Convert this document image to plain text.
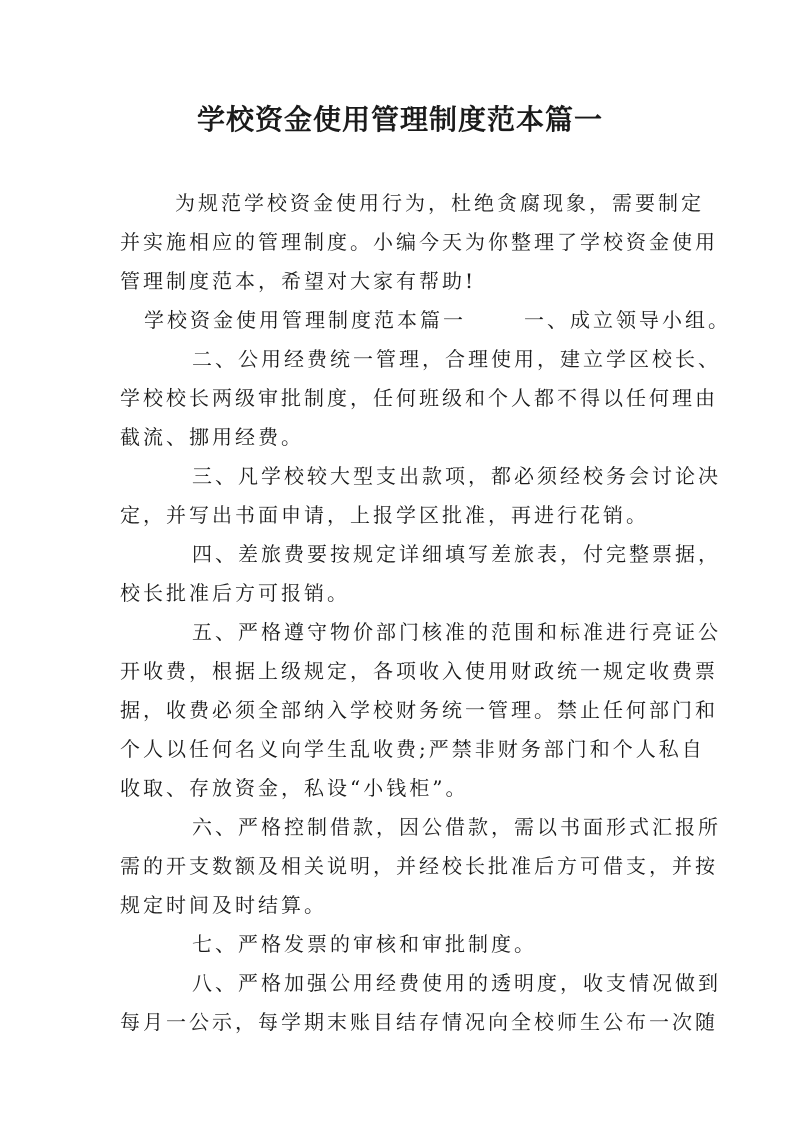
学校资金使用管理制度范本篇一
为规范学校资金使用行为，杜绝贪腐现象，需要制定
并实施相应的管理制度。小编今天为你整理了学校资金使用
管理制度范本，希望对大家有帮助!
学校资金使用管理制度范本篇一	一、成立领导小组。
二、公用经费统一管理，合理使用，建立学区校长、
学校校长两级审批制度，任何班级和个人都不得以任何理由
截流、挪用经费。
三、凡学校较大型支出款项，都必须经校务会讨论决
定，并写出书面申请，上报学区批准，再进行花销。
四、差旅费要按规定详细填写差旅表，付完整票据，
校长批准后方可报销。
五、严格遵守物价部门核准的范围和标准进行亮证公
开收费，根据上级规定，各项收入使用财政统一规定收费票
据，收费必须全部纳入学校财务统一管理。禁止任何部门和
个人以任何名义向学生乱收费;严禁非财务部门和个人私自
收取、存放资金，私设“小钱柜”。
六、严格控制借款，因公借款，需以书面形式汇报所
需的开支数额及相关说明，并经校长批准后方可借支，并按
规定时间及时结算。
七、严格发票的审核和审批制度。
八、严格加强公用经费使用的透明度，收支情况做到
每月一公示，每学期末账目结存情况向全校师生公布一次随
